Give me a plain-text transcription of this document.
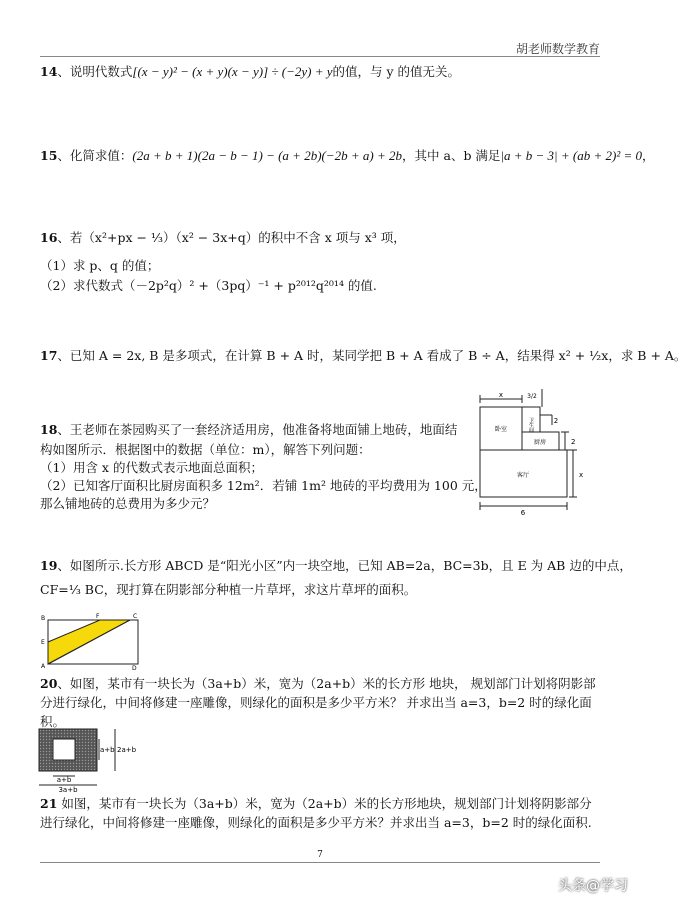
胡老师数学教育
14、说明代数式[(x − y)² − (x + y)(x − y)] ÷ (−2y) + y的值，与 y 的值无关。
15、化简求值：(2a + b + 1)(2a − b − 1) − (a + 2b)(−2b + a) + 2b，其中 a、b 满足|a + b − 3| + (ab + 2)² = 0，
16、若（x²+px − ⅓）（x² − 3x+q）的积中不含 x 项与 x³ 项，
（1）求 p、q 的值；
（2）求代数式（－2p²q）² +（3pq）⁻¹ + p²⁰¹²q²⁰¹⁴ 的值.
17、已知 A = 2x, B 是多项式，在计算 B + A 时，某同学把 B + A 看成了 B ÷ A，结果得 x² + ½x，求 B + A。
18、王老师在茶园购买了一套经济适用房，他准备将地面铺上地砖，地面结
构如图所示．根据图中的数据（单位：m），解答下列问题：
（1）用含 x 的代数式表示地面总面积；
（2）已知客厅面积比厨房面积多 12m²．若铺 1m² 地砖的平均费用为 100 元，
那么铺地砖的总费用为多少元？
x	3/2
2
卧室	卫生间
厨房
客厅
2
x
6
19、如图所示.长方形 ABCD 是“阳光小区”内一块空地，已知 AB=2a，BC=3b，且 E 为 AB 边的中点，
CF=⅓ BC，现打算在阴影部分种植一片草坪，求这片草坪的面积。
A
E
B	F	C
D
20、如图，某市有一块长为（3a+b）米，宽为（2a+b）米的长方形 地块， 规划部门计划将阴影部分进行绿化，中间将修建一座雕像，则绿化的面积是多少平方米？ 并求出当 a=3，b=2 时的绿化面积。
a+b 2a+b
a+b
3a+b
21 如图，某市有一块长为（3a+b）米，宽为（2a+b）米的长方形地块，规划部门计划将阴影部分进行绿化，中间将修建一座雕像，则绿化的面积是多少平方米？并求出当 a=3，b=2 时的绿化面积.
7
头条@学习
